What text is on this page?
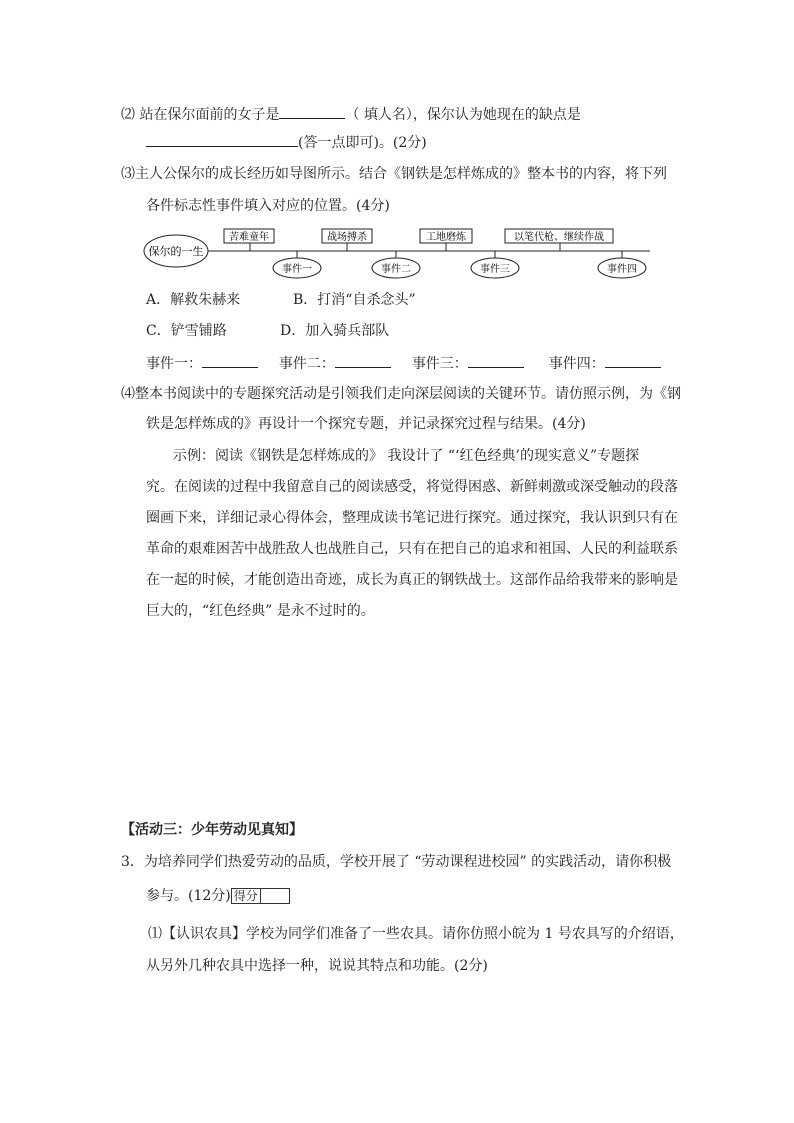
⑵ 站在保尔面前的女子是	（ 填人名），保尔认为她现在的缺点是
(答一点即可)。(2分)
⑶主人公保尔的成长经历如导图所示。结合《钢铁是怎样炼成的》整本书的内容，将下列
各件标志性事件填入对应的位置。(4分)
保尔的一生
苦难童年	战场搏杀	工地磨炼	以笔代枪、继续作战
事件一	事件二	事件三	事件四
A．解救朱赫来	B．打消“自杀念头”
C．铲雪铺路	D．加入骑兵部队
事件一：	事件二：	事件三：	事件四：
⑷整本书阅读中的专题探究活动是引领我们走向深层阅读的关键环节。请仿照示例，为《钢
铁是怎样炼成的》再设计一个探究专题，并记录探究过程与结果。(4分)
示例：阅读《钢铁是怎样炼成的》 我设计了 “‘红色经典’的现实意义”专题探
究。在阅读的过程中我留意自己的阅读感受，将觉得困惑、新鲜刺激或深受触动的段落
圈画下来，详细记录心得体会，整理成读书笔记进行探究。通过探究，我认识到只有在
革命的艰难困苦中战胜敌人也战胜自己，只有在把自己的追求和祖国、人民的利益联系
在一起的时候，才能创造出奇迹，成长为真正的钢铁战士。这部作品给我带来的影响是
巨大的，“红色经典” 是永不过时的。
【活动三：少年劳动见真知】
3．为培养同学们热爱劳动的品质，学校开展了 “劳动课程进校园” 的实践活动，请你积极
参与。(12分) 得分
⑴【认识农具】学校为同学们准备了一些农具。请你仿照小皖为 1 号农具写的介绍语，
从另外几种农具中选择一种，说说其特点和功能。(2分)
